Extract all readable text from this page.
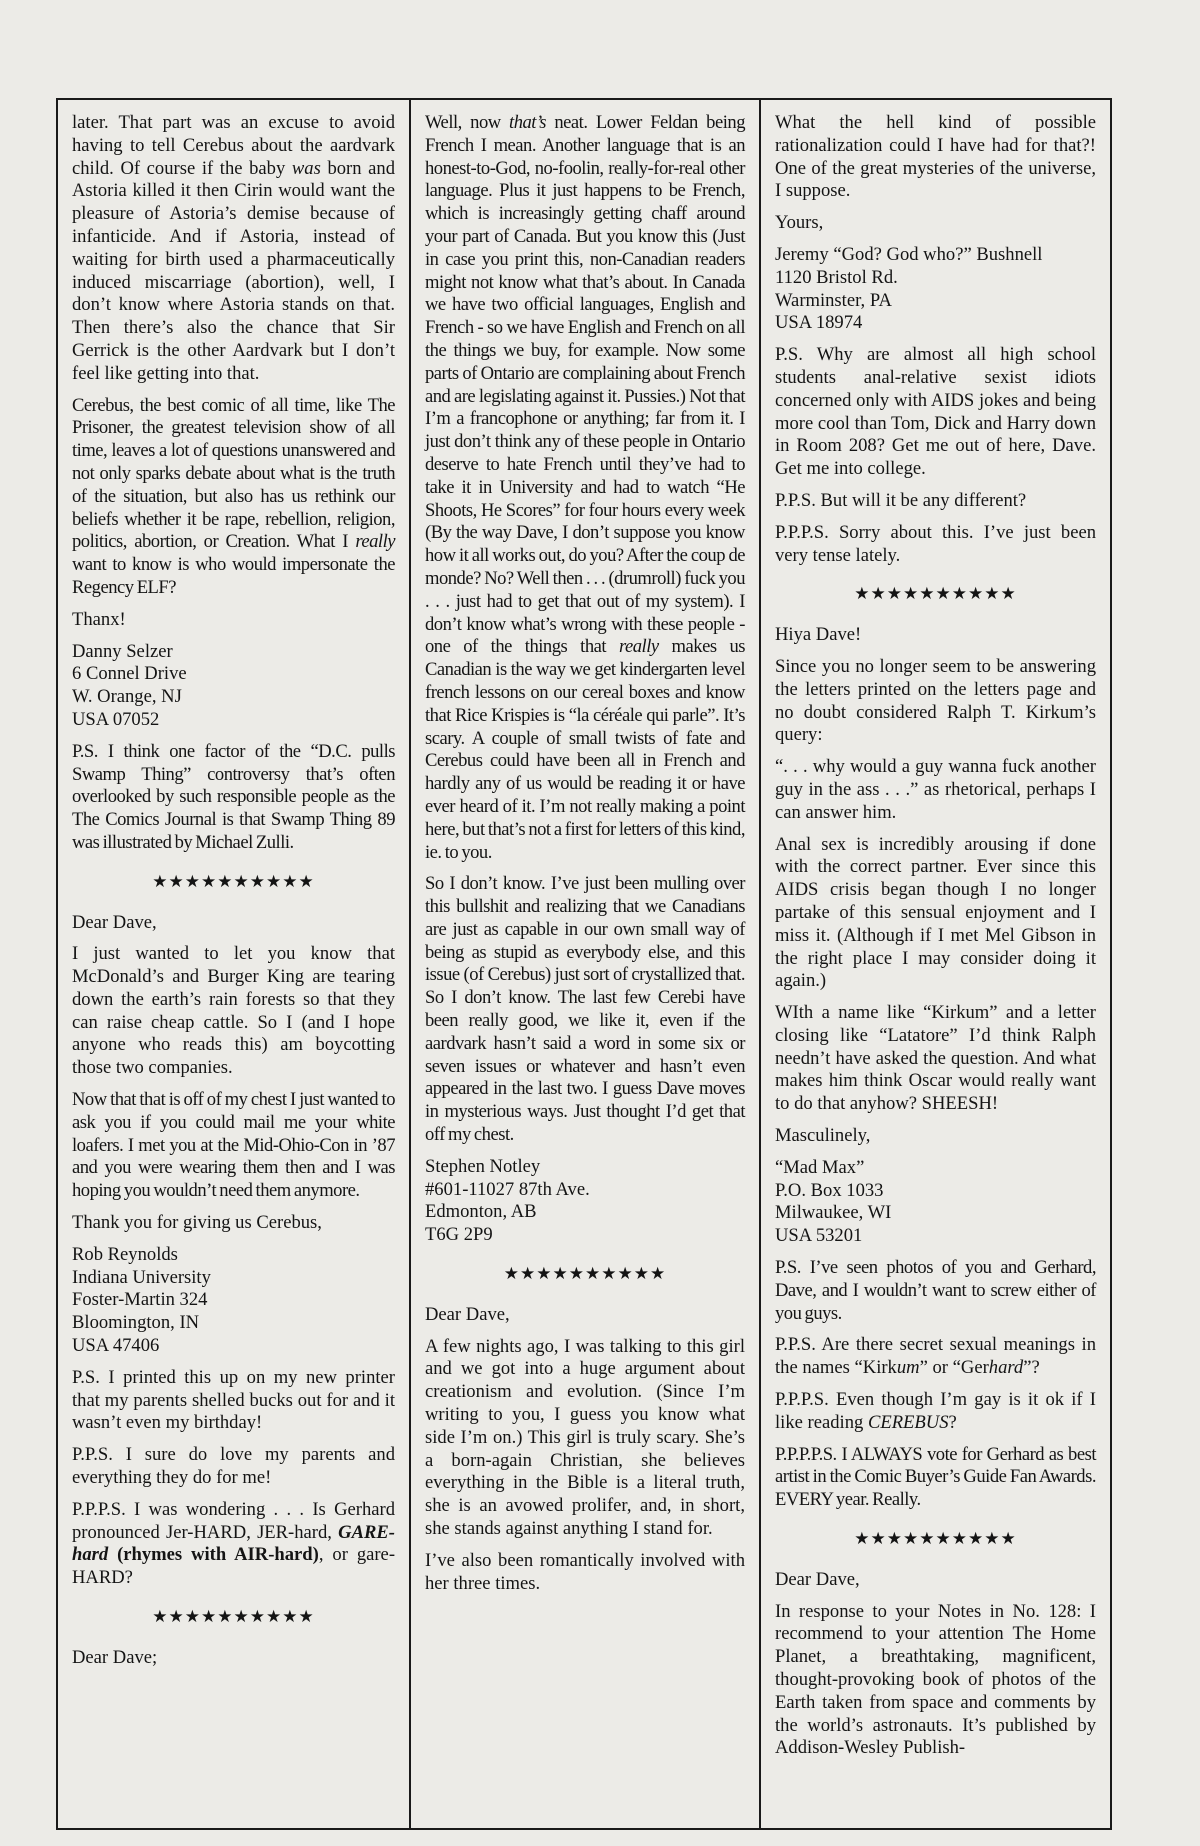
later. That part was an excuse to avoid having to tell Cerebus about the aardvark child. Of course if the baby was born and Astoria killed it then Cirin would want the pleasure of Astoria’s demise because of infanticide. And if Astoria, instead of waiting for birth used a pharmaceutically induced miscarriage (abortion), well, I don’t know where Astoria stands on that. Then there’s also the chance that Sir Gerrick is the other Aardvark but I don’t feel like getting into that.

Cerebus, the best comic of all time, like The Prisoner, the greatest television show of all time, leaves a lot of questions unanswered and not only sparks debate about what is the truth of the situation, but also has us rethink our beliefs whether it be rape, rebellion, religion, politics, abortion, or Creation. What I really want to know is who would impersonate the Regency ELF?

Thanx!

Danny Selzer
6 Connel Drive
W. Orange, NJ
USA 07052

P.S. I think one factor of the “D.C. pulls Swamp Thing” controversy that’s often overlooked by such responsible people as the The Comics Journal is that Swamp Thing 89 was illustrated by Michael Zulli.

★★★★★★★★★★

Dear Dave,

I just wanted to let you know that McDonald’s and Burger King are tearing down the earth’s rain forests so that they can raise cheap cattle. So I (and I hope anyone who reads this) am boycotting those two companies.

Now that that is off of my chest I just wanted to ask you if you could mail me your white loafers. I met you at the Mid-Ohio-Con in ’87 and you were wearing them then and I was hoping you wouldn’t need them anymore.

Thank you for giving us Cerebus,

Rob Reynolds
Indiana University
Foster-Martin 324
Bloomington, IN
USA 47406

P.S. I printed this up on my new printer that my parents shelled bucks out for and it wasn’t even my birthday!

P.P.S. I sure do love my parents and everything they do for me!

P.P.P.S. I was wondering . . . Is Gerhard pronounced Jer-HARD, JER-hard, GARE-hard (rhymes with AIR-hard), or gare-HARD?

★★★★★★★★★★

Dear Dave;

Well, now that’s neat. Lower Feldan being French I mean. Another language that is an honest-to-God, no-foolin, really-for-real other language. Plus it just happens to be French, which is increasingly getting chaff around your part of Canada. But you know this (Just in case you print this, non-Canadian readers might not know what that’s about. In Canada we have two official languages, English and French - so we have English and French on all the things we buy, for example. Now some parts of Ontario are complaining about French and are legislating against it. Pussies.) Not that I’m a francophone or anything; far from it. I just don’t think any of these people in Ontario deserve to hate French until they’ve had to take it in University and had to watch “He Shoots, He Scores” for four hours every week (By the way Dave, I don’t suppose you know how it all works out, do you? After the coup de monde? No? Well then . . . (drumroll) fuck you . . . just had to get that out of my system). I don’t know what’s wrong with these people - one of the things that really makes us Canadian is the way we get kindergarten level french lessons on our cereal boxes and know that Rice Krispies is “la céréale qui parle”. It’s scary. A couple of small twists of fate and Cerebus could have been all in French and hardly any of us would be reading it or have ever heard of it. I’m not really making a point here, but that’s not a first for letters of this kind, ie. to you.

So I don’t know. I’ve just been mulling over this bullshit and realizing that we Canadians are just as capable in our own small way of being as stupid as everybody else, and this issue (of Cerebus) just sort of crystallized that. So I don’t know. The last few Cerebi have been really good, we like it, even if the aardvark hasn’t said a word in some six or seven issues or whatever and hasn’t even appeared in the last two. I guess Dave moves in mysterious ways. Just thought I’d get that off my chest.

Stephen Notley
#601-11027 87th Ave.
Edmonton, AB
T6G 2P9

★★★★★★★★★★

Dear Dave,

A few nights ago, I was talking to this girl and we got into a huge argument about creationism and evolution. (Since I’m writing to you, I guess you know what side I’m on.) This girl is truly scary. She’s a born-again Christian, she believes everything in the Bible is a literal truth, she is an avowed prolifer, and, in short, she stands against anything I stand for.

I’ve also been romantically involved with her three times.

What the hell kind of possible rationalization could I have had for that?! One of the great mysteries of the universe, I suppose.

Yours,

Jeremy “God? God who?” Bushnell
1120 Bristol Rd.
Warminster, PA
USA 18974

P.S. Why are almost all high school students anal-relative sexist idiots concerned only with AIDS jokes and being more cool than Tom, Dick and Harry down in Room 208? Get me out of here, Dave. Get me into college.

P.P.S. But will it be any different?

P.P.P.S. Sorry about this. I’ve just been very tense lately.

★★★★★★★★★★

Hiya Dave!

Since you no longer seem to be answering the letters printed on the letters page and no doubt considered Ralph T. Kirkum’s query:

“. . . why would a guy wanna fuck another guy in the ass . . .” as rhetorical, perhaps I can answer him.

Anal sex is incredibly arousing if done with the correct partner. Ever since this AIDS crisis began though I no longer partake of this sensual enjoyment and I miss it. (Although if I met Mel Gibson in the right place I may consider doing it again.)

WIth a name like “Kirkum” and a letter closing like “Latatore” I’d think Ralph needn’t have asked the question. And what makes him think Oscar would really want to do that anyhow? SHEESH!

Masculinely,

“Mad Max”
P.O. Box 1033
Milwaukee, WI
USA 53201

P.S. I’ve seen photos of you and Gerhard, Dave, and I wouldn’t want to screw either of you guys.

P.P.S. Are there secret sexual meanings in the names “Kirkum” or “Gerhard”?

P.P.P.S. Even though I’m gay is it ok if I like reading CEREBUS?

P.P.P.P.S. I ALWAYS vote for Gerhard as best artist in the Comic Buyer’s Guide Fan Awards. EVERY year. Really.

★★★★★★★★★★

Dear Dave,

In response to your Notes in No. 128: I recommend to your attention The Home Planet, a breathtaking, magnificent, thought-provoking book of photos of the Earth taken from space and comments by the world’s astronauts. It’s published by Addison-Wesley Publish-
